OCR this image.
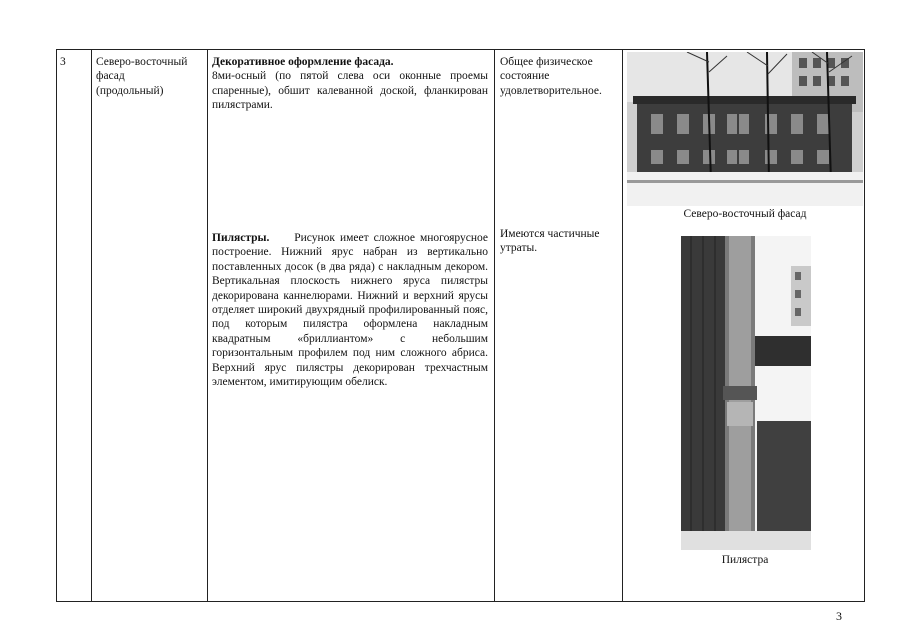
3	Северо-восточный
фасад
(продольный)
Декоративное оформление фасада.
8ми-осный (по пятой слева оси оконные проемы спаренные), обшит калеванной доской, фланкирован пилястрами.
Пилястры. Рисунок имеет сложное многоярусное построение. Нижний ярус набран из вертикально поставленных досок (в два ряда) с накладным декором. Вертикальная плоскость нижнего яруса пилястры декорирована каннелюрами. Нижний и верхний ярусы отделяет широкий двухрядный профилированный пояс, под которым пилястра оформлена накладным квадратным «бриллиантом» с небольшим горизонтальным профилем под ним сложного абриса. Верхний ярус пилястры декорирован трехчастным элементом, имитирующим обелиск.
Общее физическое состояние удовлетворительное.
Имеются частичные утраты.
Северо-восточный фасад
Пилястра
3
